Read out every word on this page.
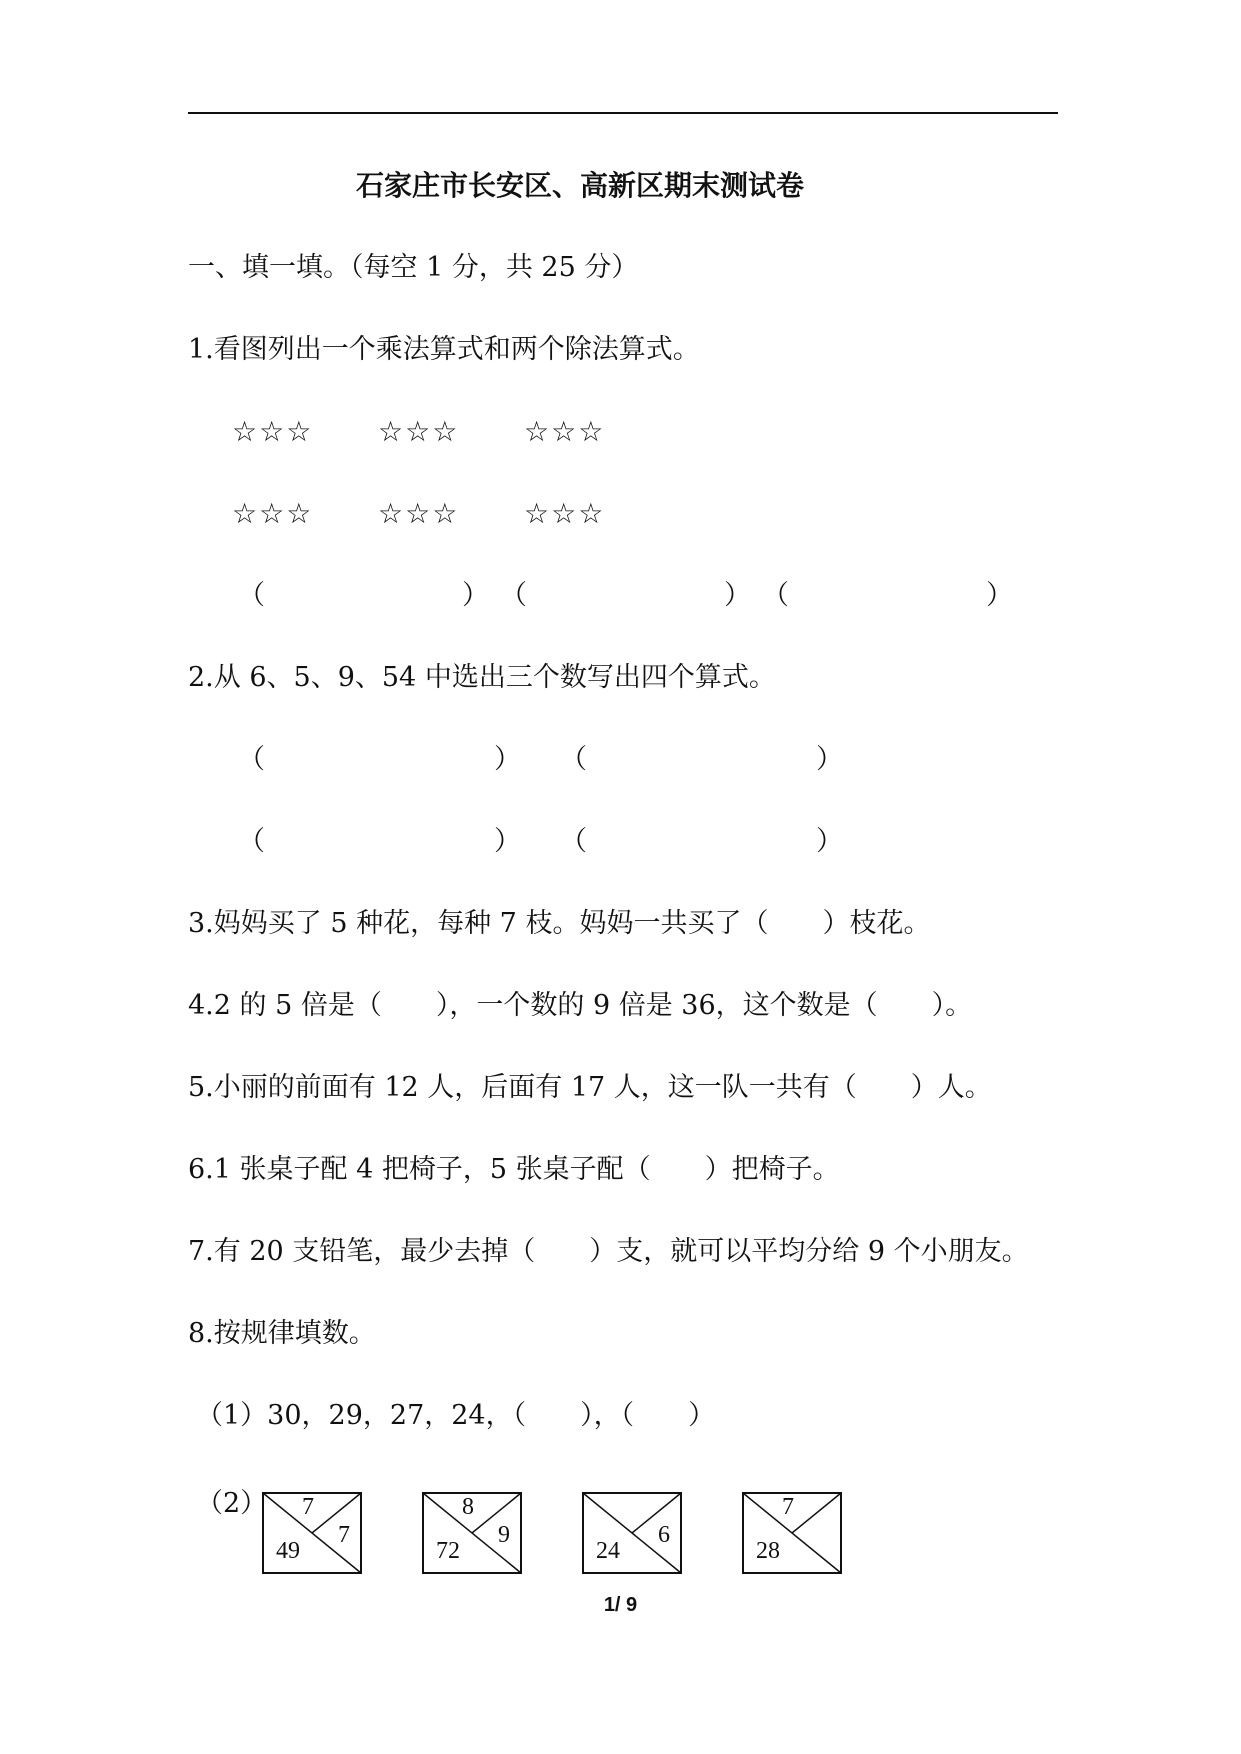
石家庄市长安区、高新区期末测试卷
一、填一填。（每空 1 分，共 25 分）
1.看图列出一个乘法算式和两个除法算式。
☆☆☆ ☆☆☆ ☆☆☆
☆☆☆ ☆☆☆ ☆☆☆
（	） （	） （	）
2.从 6、5、9、54 中选出三个数写出四个算式。
（	） （	）
（	） （	）
3.妈妈买了 5 种花，每种 7 枝。妈妈一共买了（　　）枝花。
4.2 的 5 倍是（　　），一个数的 9 倍是 36，这个数是（　　）。
5.小丽的前面有 12 人，后面有 17 人，这一队一共有（　　）人。
6.1 张桌子配 4 把椅子，5 张桌子配（　　）把椅子。
7.有 20 支铅笔，最少去掉（　　）支，就可以平均分给 9 个小朋友。
8.按规律填数。
（1）30，29，27，24，（　　），（　　）
（2） 7
7
49
8
9
72
6
24
7
28
1/ 9
